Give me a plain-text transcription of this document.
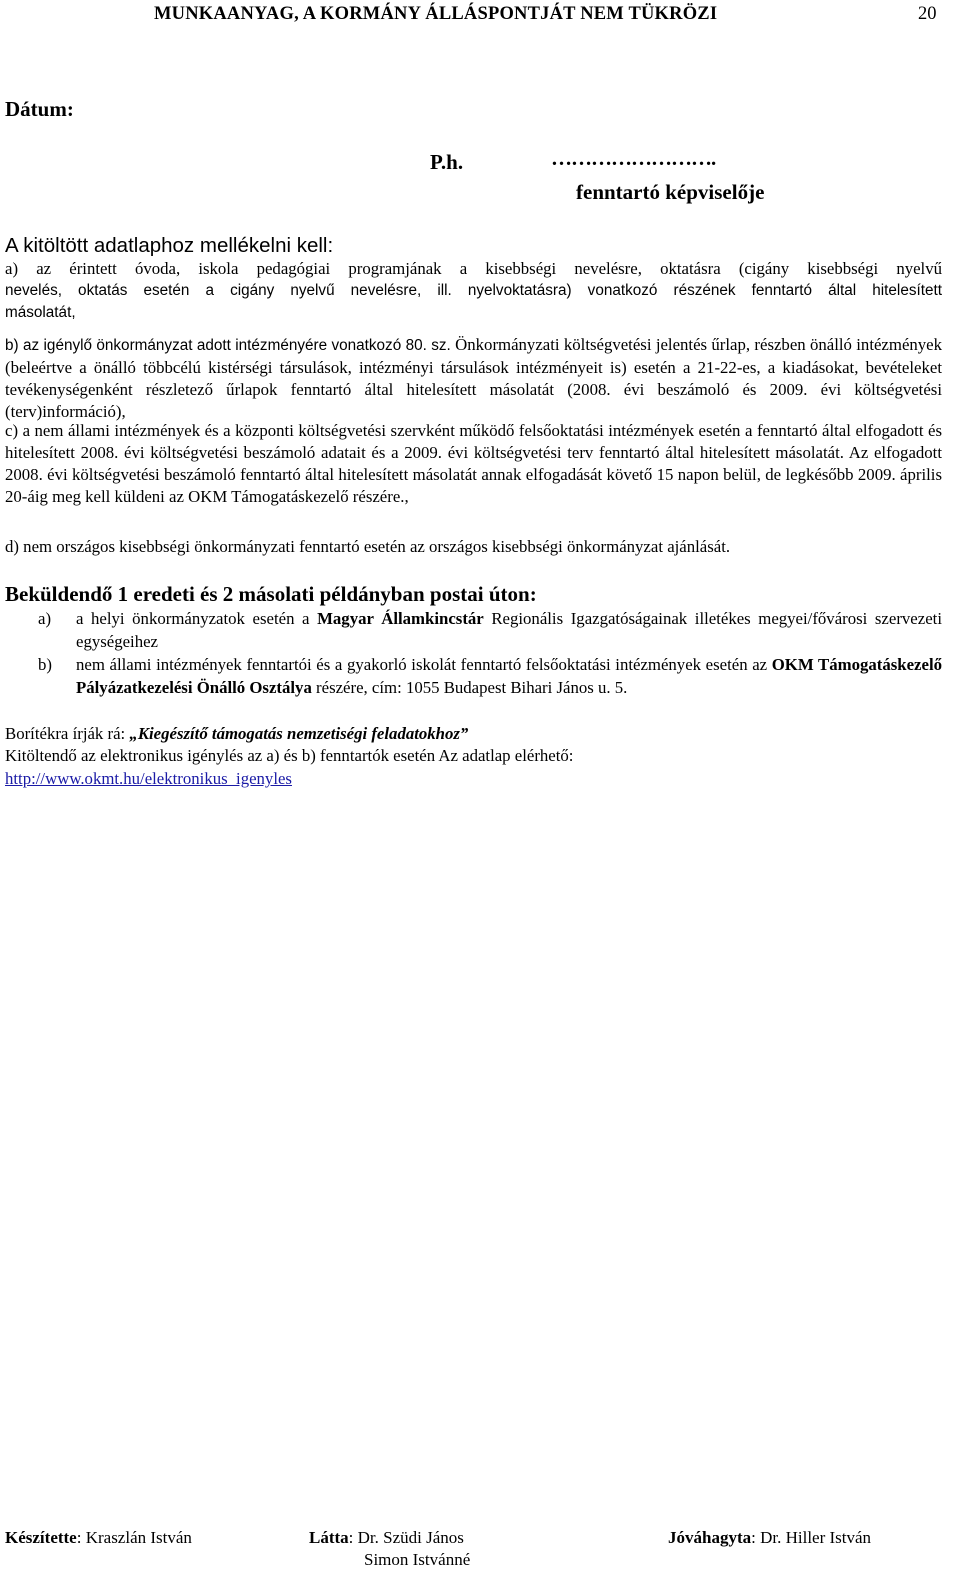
MUNKAANYAG, A KORMÁNY ÁLLÁSPONTJÁT NEM TÜKRÖZI	20
Dátum:
P.h.	…………………….
fenntartó képviselője
A kitöltött adatlaphoz mellékelni kell:
a) az érintett óvoda, iskola pedagógiai programjának a kisebbségi nevelésre, oktatásra (cigány kisebbségi nyelvű
nevelés, oktatás esetén a cigány nyelvű nevelésre, ill. nyelvoktatásra) vonatkozó részének fenntartó által hitelesített
másolatát,
b) az igénylő önkormányzat adott intézményére vonatkozó 80. sz. Önkormányzati költségvetési jelentés űrlap, részben önálló intézmények (beleértve a önálló többcélú kistérségi társulások, intézményi társulások intézményeit is) esetén a 21-22-es, a kiadásokat, bevételeket tevékenységenként részletező űrlapok fenntartó által hitelesített másolatát (2008. évi beszámoló és 2009. évi költségvetési (terv)információ),
c) a nem állami intézmények és a központi költségvetési szervként működő felsőoktatási intézmények esetén a fenntartó által elfogadott és hitelesített 2008. évi költségvetési beszámoló adatait és a 2009. évi költségvetési terv fenntartó által hitelesített másolatát. Az elfogadott 2008. évi költségvetési beszámoló fenntartó által hitelesített másolatát annak elfogadását követő 15 napon belül, de legkésőbb 2009. április 20-áig meg kell küldeni az OKM Támogatáskezelő részére.,
d) nem országos kisebbségi önkormányzati fenntartó esetén az országos kisebbségi önkormányzat ajánlását.
Beküldendő 1 eredeti és 2 másolati példányban postai úton:
a) a helyi önkormányzatok esetén a Magyar Államkincstár Regionális Igazgatóságainak illetékes megyei/fővárosi szervezeti egységeihez
b) nem állami intézmények fenntartói és a gyakorló iskolát fenntartó felsőoktatási intézmények esetén az OKM Támogatáskezelő Pályázatkezelési Önálló Osztálya részére, cím: 1055 Budapest Bihari János u. 5.
Borítékra írják rá: „Kiegészítő támogatás nemzetiségi feladatokhoz”
Kitöltendő az elektronikus igénylés az a) és b) fenntartók esetén Az adatlap elérhető:
http://www.okmt.hu/elektronikus_igenyles
Készítette: Kraszlán István	Látta: Dr. Szüdi János
Simon Istvánné
Jóváhagyta: Dr. Hiller István
